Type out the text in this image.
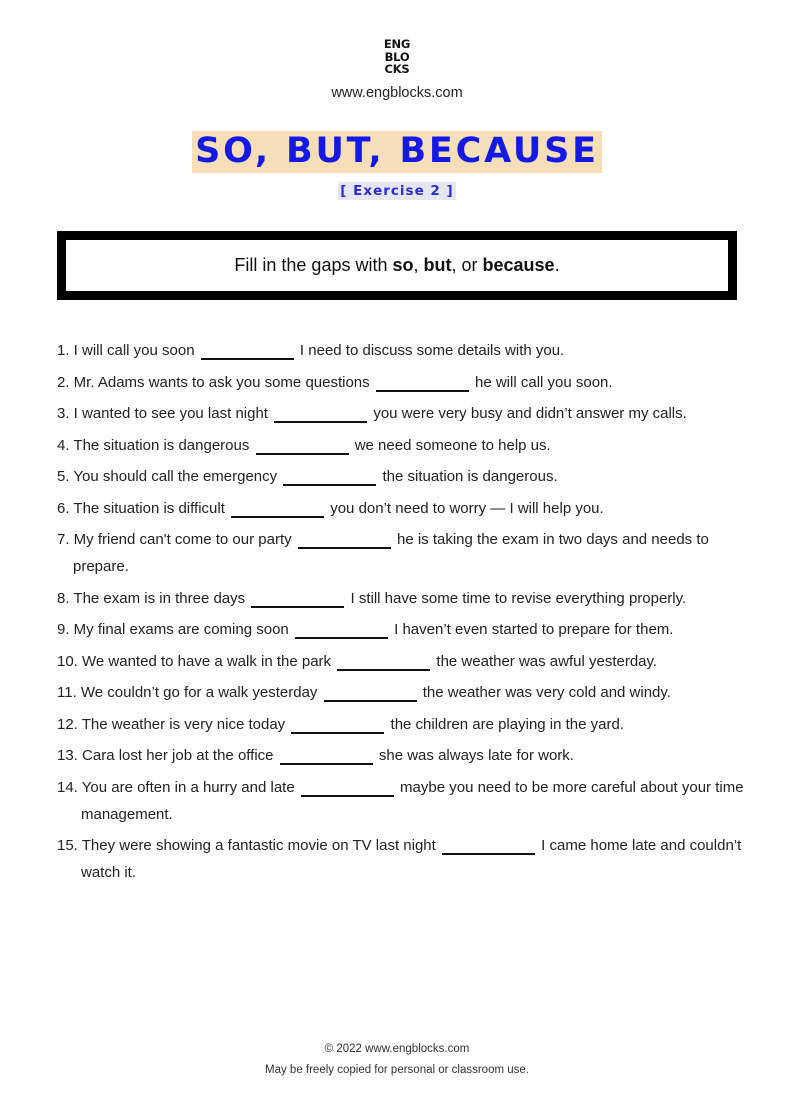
ENG
BLO
CKS
www.engblocks.com
SO, BUT, BECAUSE
[ Exercise 2 ]
Fill in the gaps with so, but, or because.
1. I will call you soon	I need to discuss some details with you.
2. Mr. Adams wants to ask you some questions	he will call you soon.
3. I wanted to see you last night	you were very busy and didn’t answer my calls.
4. The situation is dangerous	we need someone to help us.
5. You should call the emergency	the situation is dangerous.
6. The situation is difficult	you don’t need to worry — I will help you.
7. My friend can't come to our party	he is taking the exam in two days and needs to prepare.
8. The exam is in three days	I still have some time to revise everything properly.
9. My final exams are coming soon	I haven’t even started to prepare for them.
10. We wanted to have a walk in the park	the weather was awful yesterday.
11. We couldn’t go for a walk yesterday	the weather was very cold and windy.
12. The weather is very nice today	the children are playing in the yard.
13. Cara lost her job at the office	she was always late for work.
14. You are often in a hurry and late	maybe you need to be more careful about your time management.
15. They were showing a fantastic movie on TV last night	I came home late and couldn’t watch it.
© 2022 www.engblocks.com
May be freely copied for personal or classroom use.
